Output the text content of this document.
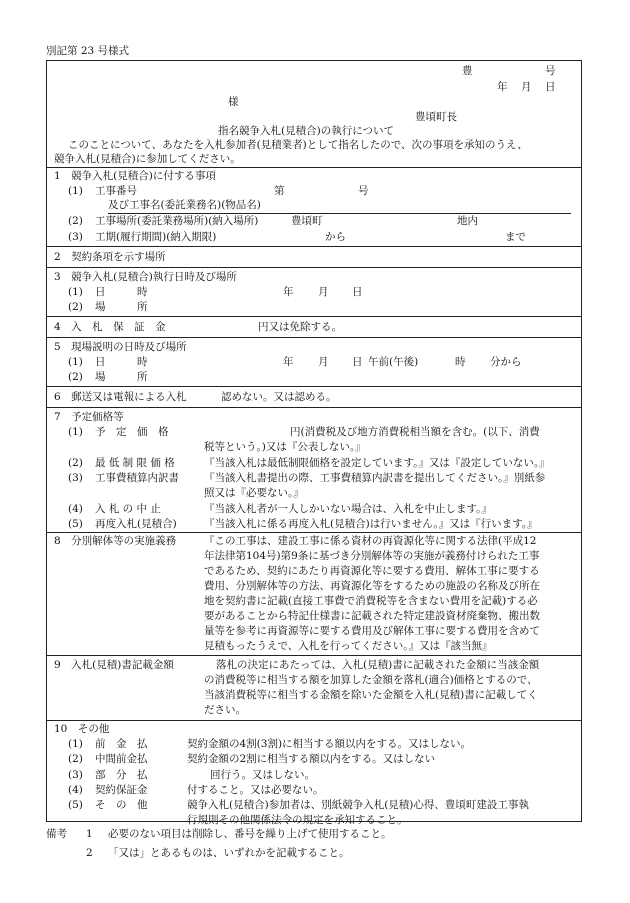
別記第 23 号様式
豊	号
年 月 日
様
豊頃町長
指名競争入札(見積合)の執行について
このことについて、あなたを入札参加者(見積業者)として指名したので、次の事項を承知のうえ、
競争入札(見積合)に参加してください。
1　競争入札(見積合)に付する事項
(1) 工事番号	第	号
及び工事名(委託業務名)(物品名)
(2) 工事場所(委託業務場所)(納入場所)	豊頃町	地内
(3) 工期(履行期間)(納入期限)	から	まで
2　契約条項を示す場所
3　競争入札(見積合)執行日時及び場所
(1) 日　　　時	年 月 日
(2) 場　　　所
4　入　札　保　証　金	円又は免除する。
5　現場説明の日時及び場所
(1) 日　　　時	年 月 日 午前(午後)	時 分から
(2) 場　　　所
6　郵送又は電報による入札	認めない。又は認める。
7　予定価格等
(1) 予　定　価　格	円(消費税及び地方消費税相当額を含む。(以下、消費
税等という。)又は『公表しない。』
(2) 最 低 制 限 価 格	『当該入札は最低制限価格を設定しています。』又は『設定していない。』
(3) 工事費積算内訳書 『当該入札書提出の際、工事費積算内訳書を提出してください。』別紙参
照又は『必要ない。』
(4) 入 札 の 中 止	『当該入札者が一人しかいない場合は、入札を中止します。』
(5) 再度入札(見積合)	『当該入札に係る再度入札(見積合)は行いません。』又は『行います。』
8　分別解体等の実施義務	『この工事は、建設工事に係る資材の再資源化等に関する法律(平成12
年法律第104号)第9条に基づき分別解体等の実施が義務付けられた工事
であるため、契約にあたり再資源化等に要する費用、解体工事に要する
費用、分別解体等の方法、再資源化等をするための施設の名称及び所在
地を契約書に記載(直接工事費で消費税等を含まない費用を記載)する必
要があることから特記仕様書に記載された特定建設資材廃棄物、搬出数
量等を参考に再資源等に要する費用及び解体工事に要する費用を含めて
見積もったうえで、入札を行ってください。』又は『該当無』
9　入札(見積)書記載金額	落札の決定にあたっては、入札(見積)書に記載された金額に当該金額
の消費税等に相当する額を加算した金額を落札(適合)価格とするので、
当該消費税等に相当する金額を除いた金額を入札(見積)書に記載してく
ださい。
10　その他
(1) 前　金　払	契約金額の4割(3割)に相当する額以内をする。又はしない。
(2) 中間前金払	契約金額の2割に相当する額以内をする。又はしない
(3) 部　分　払	回行う。又はしない。
(4) 契約保証金	付すること。又は必要ない。
(5) そ　の　他	競争入札(見積合)参加者は、別紙競争入札(見積)心得、豊頃町建設工事執
行規則その他関係法令の規定を承知すること。
備考 1 必要のない項目は削除し、番号を繰り上げて使用すること。
2 「又は」とあるものは、いずれかを記載すること。
